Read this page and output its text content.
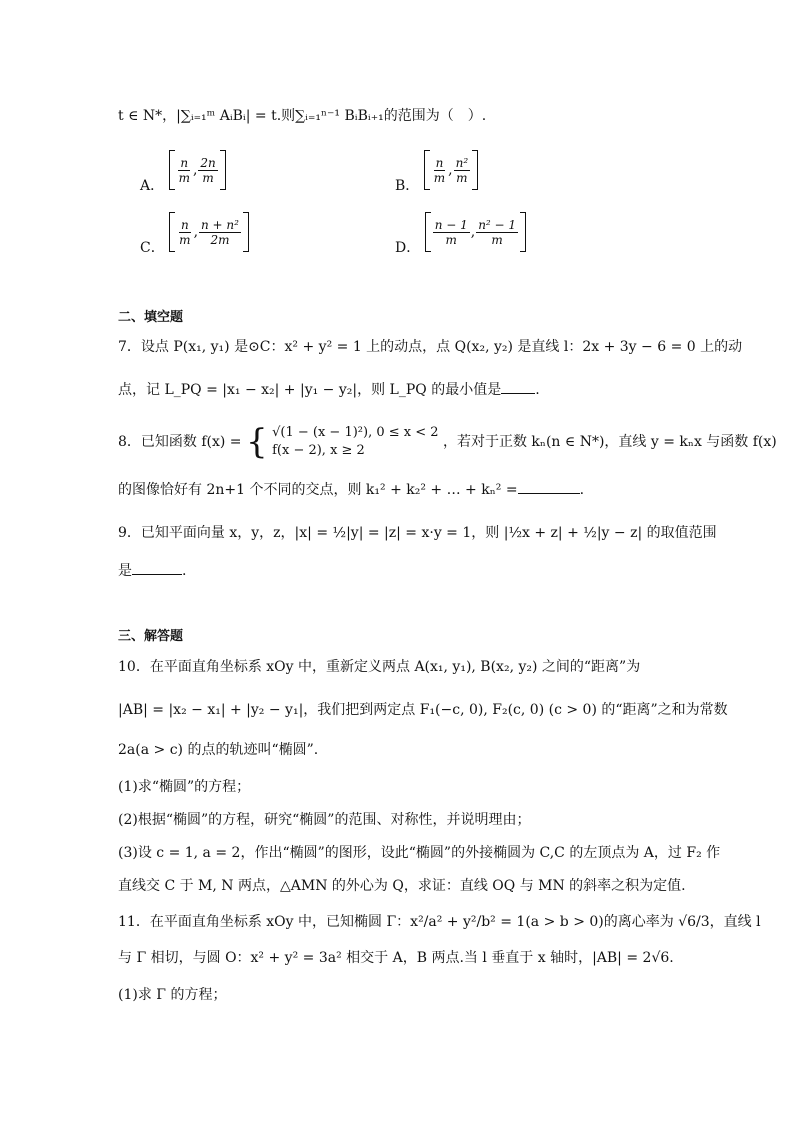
t ∈ N*，|∑ᵢ₌₁ᵐ AᵢBᵢ| = t.则∑ᵢ₌₁ⁿ⁻¹ BᵢBᵢ₊₁的范围为（　）.
A．
$\frac{n}{m}$ , $\frac{2n}{m}$
B．
$\frac{n}{m}$ , $\frac{\text{n²}}{m}$
C．
$\frac{n}{m}$ , $\frac{\text{n + n²}}{2m}$
D．
$\frac{n - 1}{m}$ , $\frac{\text{n² − 1}}{m}$
二、填空题
7．设点 P(x₁, y₁) 是⊙C：x² + y² = 1 上的动点，点 Q(x₂, y₂) 是直线 l：2x + 3y − 6 = 0 上的动
点，记 L_PQ = |x₁ − x₂| + |y₁ − y₂|，则 L_PQ 的最小值是 .
8．已知函数 f(x) = { √(1 − (x − 1)²), 0 ≤ x < 2
f(x − 2), x ≥ 2
，若对于正数 kₙ(n ∈ N*)，直线 y = kₙx 与函数 f(x)
的图像恰好有 2n+1 个不同的交点，则 k₁² + k₂² + … + kₙ² =	.
9．已知平面向量 x，y，z，|x| = ½|y| = |z| = x·y = 1，则 |½x + z| + ½|y − z| 的取值范围
是	.
三、解答题
10．在平面直角坐标系 xOy 中，重新定义两点 A(x₁, y₁), B(x₂, y₂) 之间的“距离”为
|AB| = |x₂ − x₁| + |y₂ − y₁|，我们把到两定点 F₁(−c, 0), F₂(c, 0) (c > 0) 的“距离”之和为常数
2a(a > c) 的点的轨迹叫“椭圆”.
(1)求“椭圆”的方程；
(2)根据“椭圆”的方程，研究“椭圆”的范围、对称性，并说明理由；
(3)设 c = 1, a = 2，作出“椭圆”的图形，设此“椭圆”的外接椭圆为 C,C 的左顶点为 A，过 F₂ 作
直线交 C 于 M, N 两点，△AMN 的外心为 Q，求证：直线 OQ 与 MN 的斜率之积为定值.
11．在平面直角坐标系 xOy 中，已知椭圆 Γ：x²/a² + y²/b² = 1(a > b > 0)的离心率为 √6/3，直线 l
与 Γ 相切，与圆 O：x² + y² = 3a² 相交于 A，B 两点.当 l 垂直于 x 轴时，|AB| = 2√6.
(1)求 Γ 的方程；
